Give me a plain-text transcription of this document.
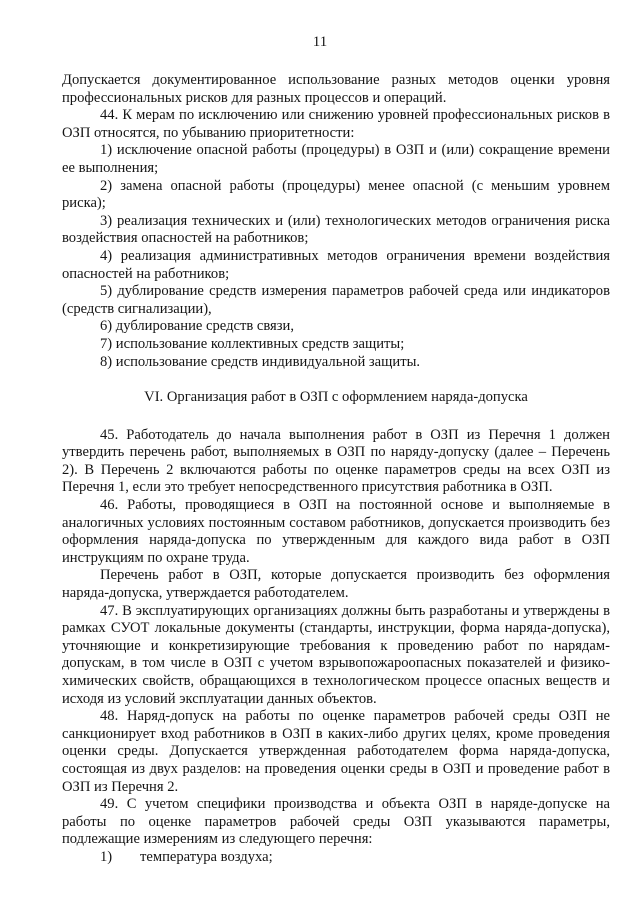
11

Допускается документированное использование разных методов оценки уровня профессиональных рисков для разных процессов и операций.

44. К мерам по исключению или снижению уровней профессиональных рисков в ОЗП относятся, по убыванию приоритетности:

1) исключение опасной работы (процедуры) в ОЗП и (или) сокращение времени ее выполнения;

2) замена опасной работы (процедуры) менее опасной (с меньшим уровнем риска);

3) реализация технических и (или) технологических методов ограничения риска воздействия опасностей на работников;

4) реализация административных методов ограничения времени воздействия опасностей на работников;

5) дублирование средств измерения параметров рабочей среда или индикаторов (средств сигнализации),

6) дублирование средств связи,

7) использование коллективных средств защиты;

8) использование средств индивидуальной защиты.

VI. Организация работ в ОЗП с оформлением наряда-допуска

45. Работодатель до начала выполнения работ в ОЗП из Перечня 1 должен утвердить перечень работ, выполняемых в ОЗП по наряду-допуску (далее – Перечень 2). В Перечень 2 включаются работы по оценке параметров среды на всех ОЗП из Перечня 1, если это требует непосредственного присутствия работника в ОЗП.

46. Работы, проводящиеся в ОЗП на постоянной основе и выполняемые в аналогичных условиях постоянным составом работников, допускается производить без оформления наряда-допуска по утвержденным для каждого вида работ в ОЗП инструкциям по охране труда.

Перечень работ в ОЗП, которые допускается производить без оформления наряда-допуска, утверждается работодателем.

47. В эксплуатирующих организациях должны быть разработаны и утверждены в рамках СУОТ локальные документы (стандарты, инструкции, форма наряда-допуска), уточняющие и конкретизирующие требования к проведению работ по нарядам-допускам, в том числе в ОЗП с учетом взрывопожароопасных показателей и физико-химических свойств, обращающихся в технологическом процессе опасных веществ и исходя из условий эксплуатации данных объектов.

48. Наряд-допуск на работы по оценке параметров рабочей среды ОЗП не санкционирует вход работников в ОЗП в каких-либо других целях, кроме проведения оценки среды. Допускается утвержденная работодателем форма наряда-допуска, состоящая из двух разделов: на проведения оценки среды в ОЗП и проведение работ в ОЗП из Перечня 2.

49. С учетом специфики производства и объекта ОЗП в наряде-допуске на работы по оценке параметров рабочей среды ОЗП указываются параметры, подлежащие измерениям из следующего перечня:

1) температура воздуха;
